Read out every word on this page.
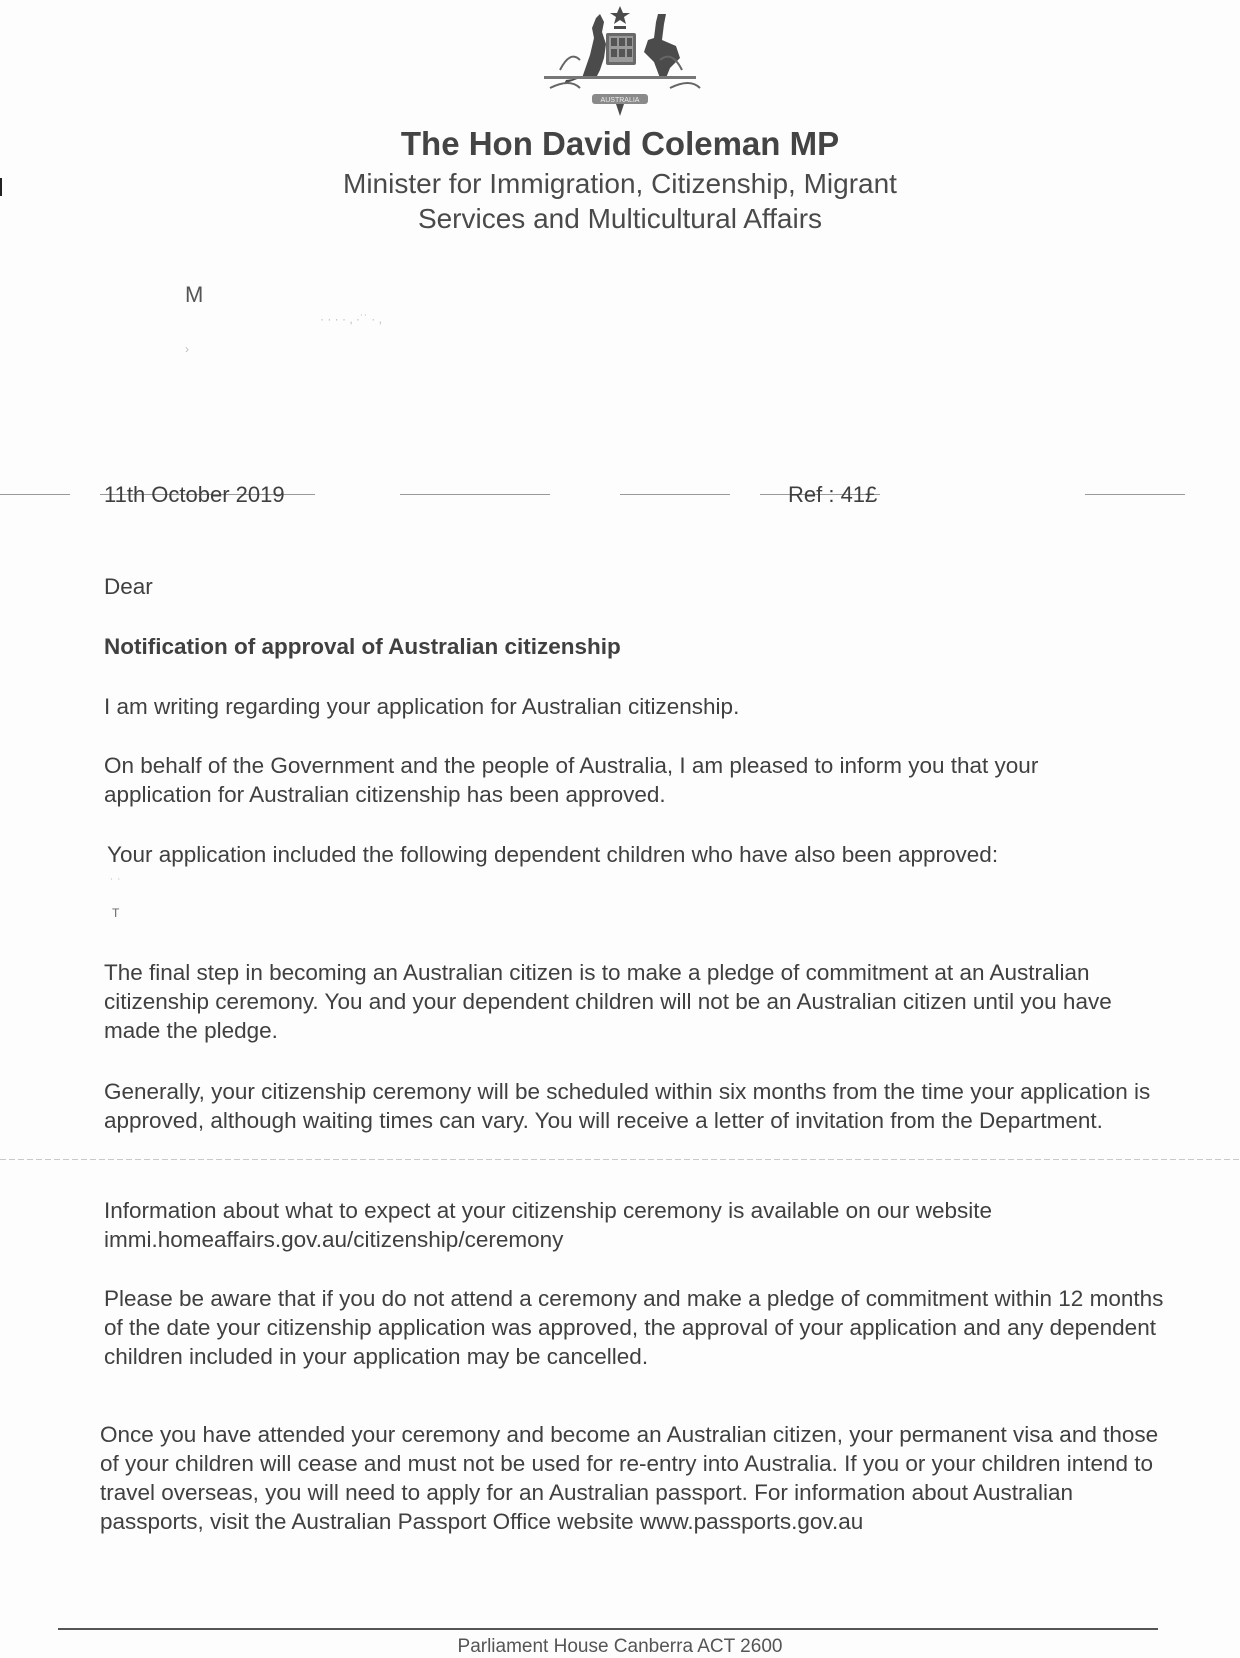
AUSTRALIA
The Hon David Coleman MP
Minister for Immigration, Citizenship, Migrant
Services and Multicultural Affairs
M
· · · · , ·˙˙ · ,
›
11th October 2019	Ref : 41£

Dear

Notification of approval of Australian citizenship

I am writing regarding your application for Australian citizenship.

On behalf of the Government and the people of Australia, I am pleased to inform you that your application for Australian citizenship has been approved.

Your application included the following dependent children who have also been approved:

˙ ˙
T

The final step in becoming an Australian citizen is to make a pledge of commitment at an Australian citizenship ceremony. You and your dependent children will not be an Australian citizen until you have made the pledge.

Generally, your citizenship ceremony will be scheduled within six months from the time your application is approved, although waiting times can vary. You will receive a letter of invitation from the Department.

Information about what to expect at your citizenship ceremony is available on our website immi.homeaffairs.gov.au/citizenship/ceremony

Please be aware that if you do not attend a ceremony and make a pledge of commitment within 12 months of the date your citizenship application was approved, the approval of your application and any dependent children included in your application may be cancelled.

Once you have attended your ceremony and become an Australian citizen, your permanent visa and those of your children will cease and must not be used for re-entry into Australia. If you or your children intend to travel overseas, you will need to apply for an Australian passport. For information about Australian passports, visit the Australian Passport Office website www.passports.gov.au

Parliament House Canberra ACT 2600
